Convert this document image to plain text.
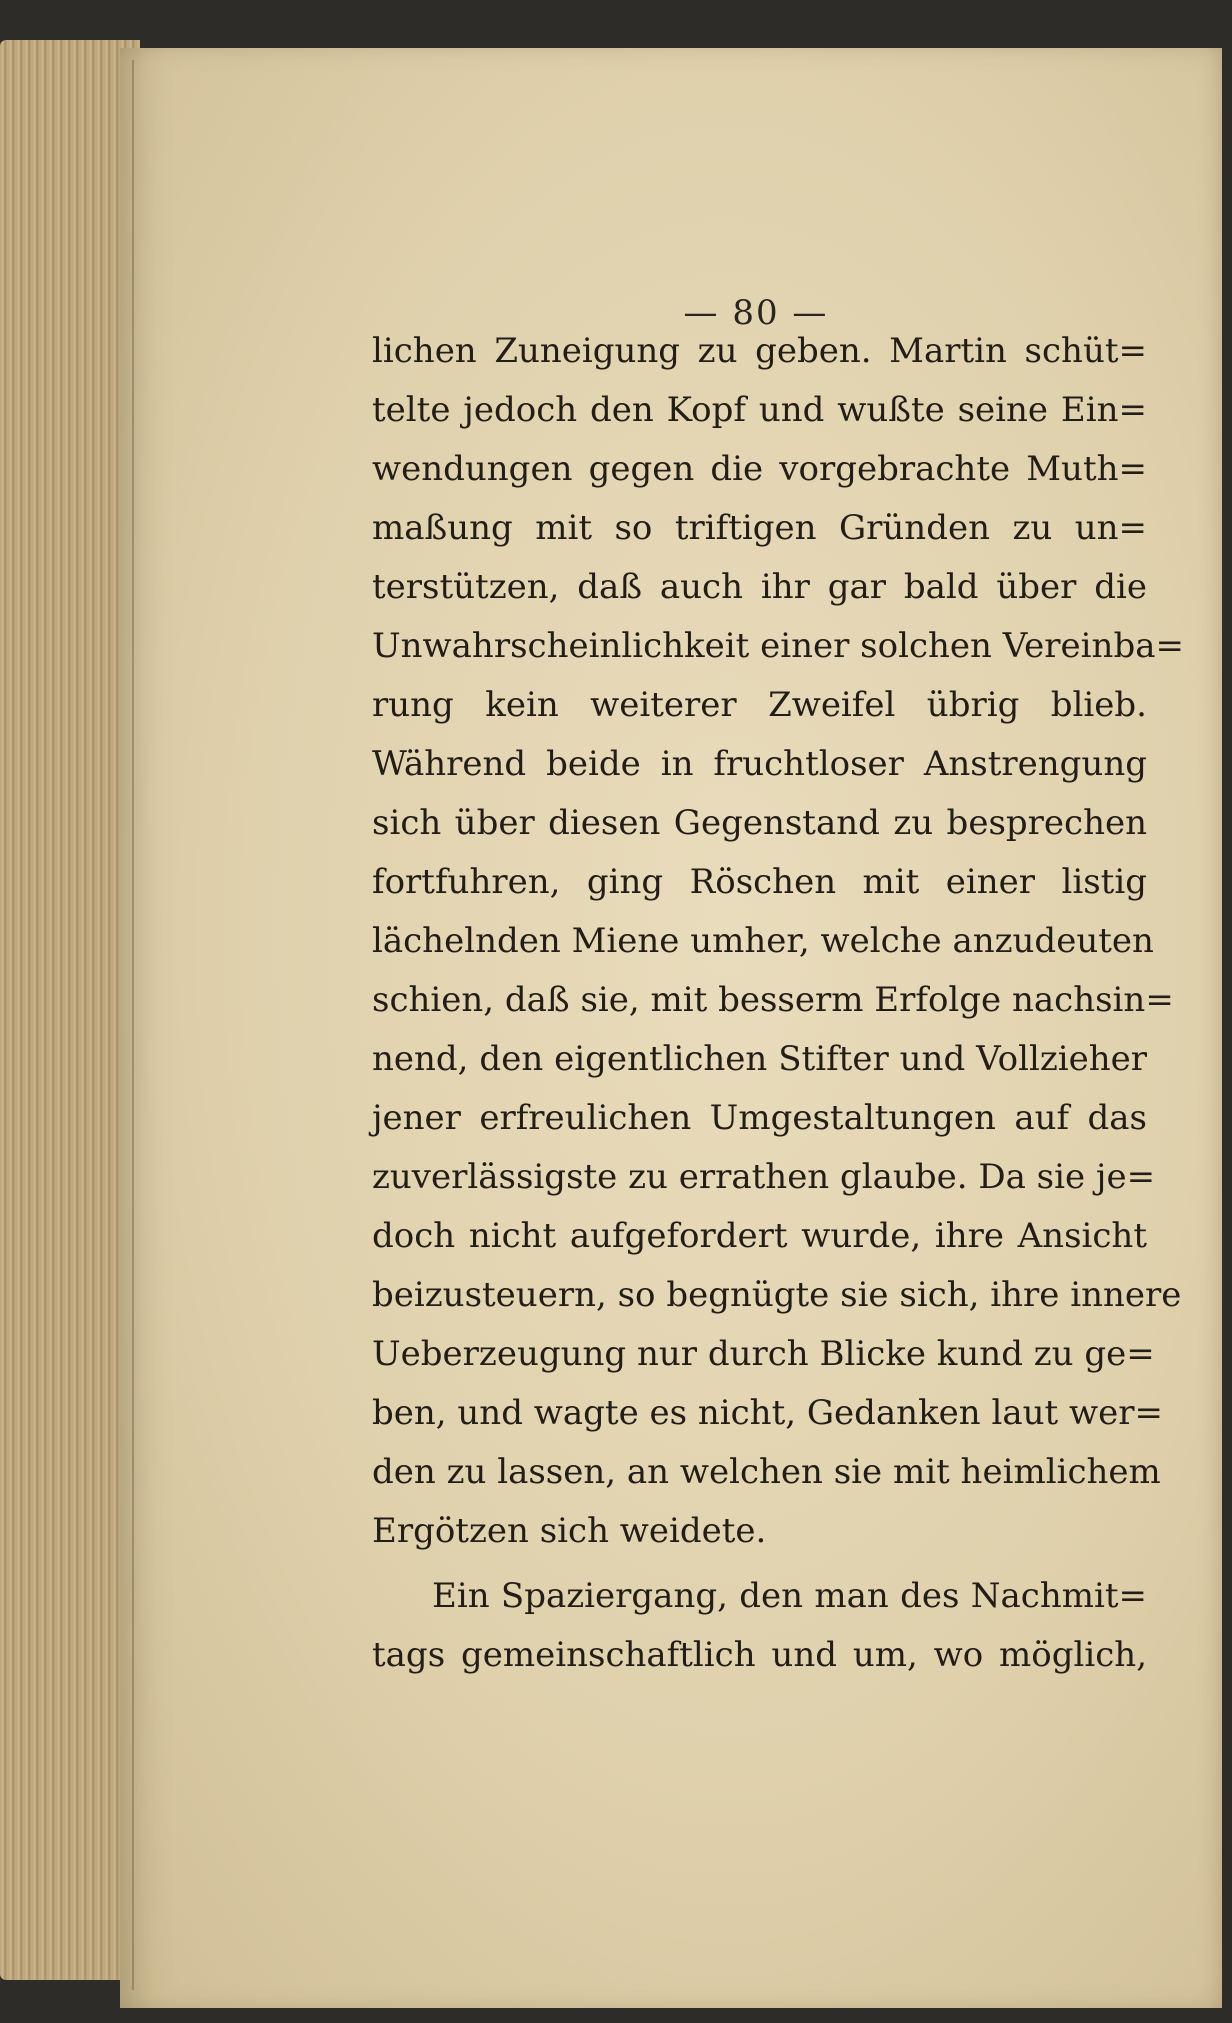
— 80 —
lichen Zuneigung zu geben. Martin schüt=
telte jedoch den Kopf und wußte seine Ein=
wendungen gegen die vorgebrachte Muth=
maßung mit so triftigen Gründen zu un=
terstützen, daß auch ihr gar bald über die
Unwahrscheinlichkeit einer solchen Vereinba=
rung kein weiterer Zweifel übrig blieb.
Während beide in fruchtloser Anstrengung
sich über diesen Gegenstand zu besprechen
fortfuhren, ging Röschen mit einer listig
lächelnden Miene umher, welche anzudeuten
schien, daß sie, mit besserm Erfolge nachsin=
nend, den eigentlichen Stifter und Vollzieher
jener erfreulichen Umgestaltungen auf das
zuverlässigste zu errathen glaube. Da sie je=
doch nicht aufgefordert wurde, ihre Ansicht
beizusteuern, so begnügte sie sich, ihre innere
Ueberzeugung nur durch Blicke kund zu ge=
ben, und wagte es nicht, Gedanken laut wer=
den zu lassen, an welchen sie mit heimlichem
Ergötzen sich weidete.
Ein Spaziergang, den man des Nachmit=
tags gemeinschaftlich und um, wo möglich,
